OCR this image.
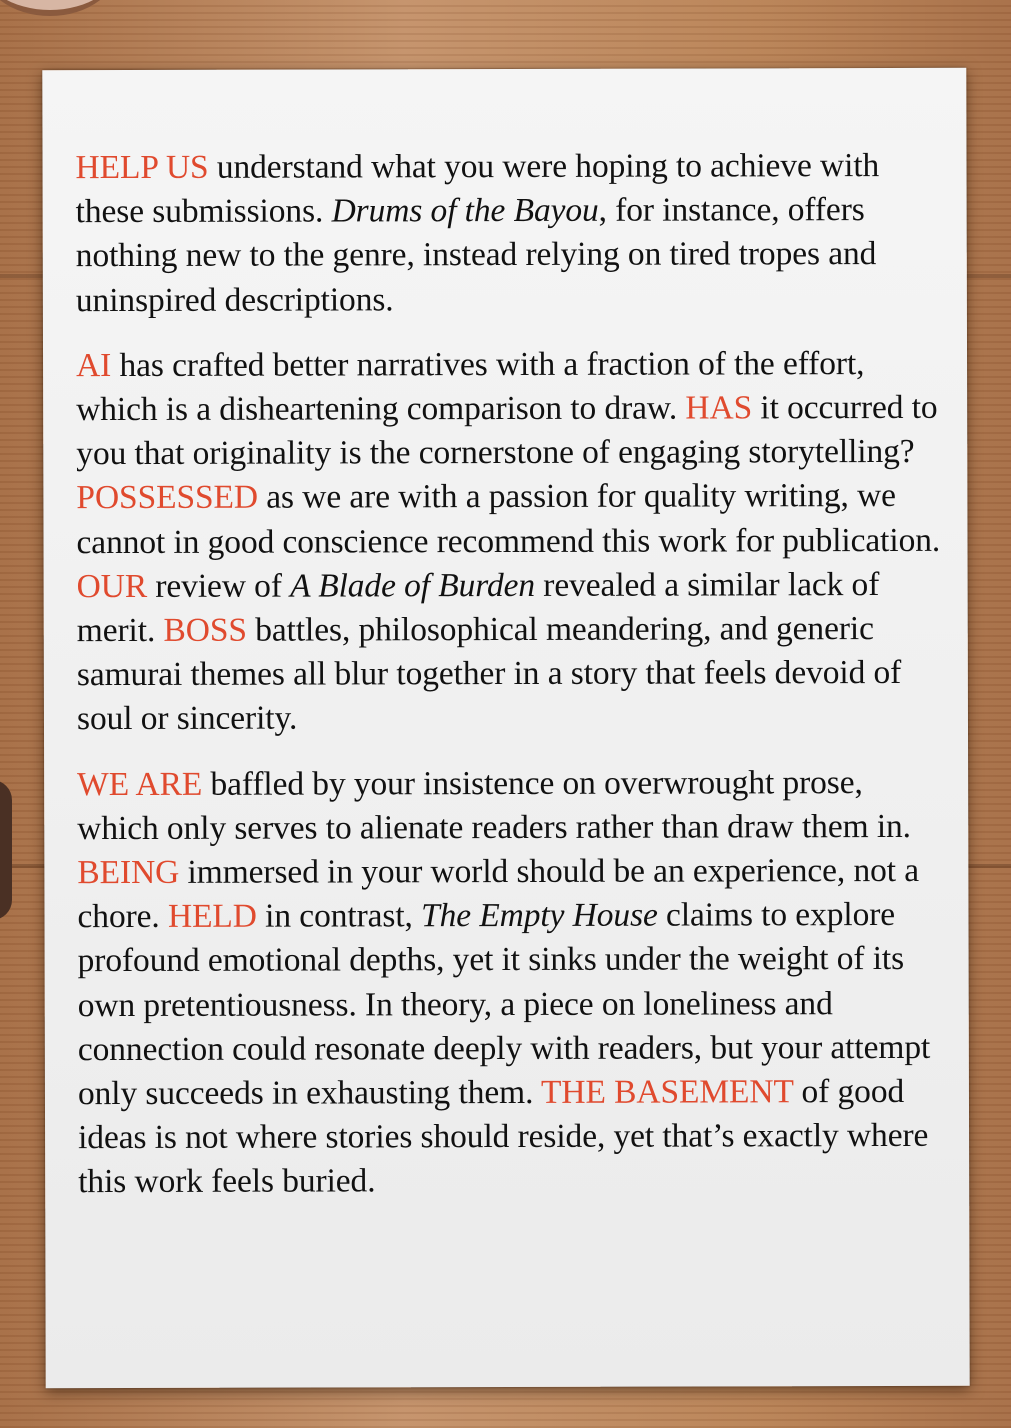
HELP US understand what you were hoping to achieve with these submissions. Drums of the Bayou, for instance, offers nothing new to the genre, instead relying on tired tropes and uninspired descriptions.

AI has crafted better narratives with a fraction of the effort, which is a disheartening comparison to draw. HAS it occurred to you that originality is the cornerstone of engaging storytelling? POSSESSED as we are with a passion for quality writing, we cannot in good conscience recommend this work for publication. OUR review of A Blade of Burden revealed a similar lack of merit. BOSS battles, philosophical meandering, and generic samurai themes all blur together in a story that feels devoid of soul or sincerity.

WE ARE baffled by your insistence on overwrought prose, which only serves to alienate readers rather than draw them in. BEING immersed in your world should be an experience, not a chore. HELD in contrast, The Empty House claims to explore profound emotional depths, yet it sinks under the weight of its own pretentiousness. In theory, a piece on loneliness and connection could resonate deeply with readers, but your attempt only succeeds in exhausting them. THE BASEMENT of good ideas is not where stories should reside, yet that’s exactly where this work feels buried.
